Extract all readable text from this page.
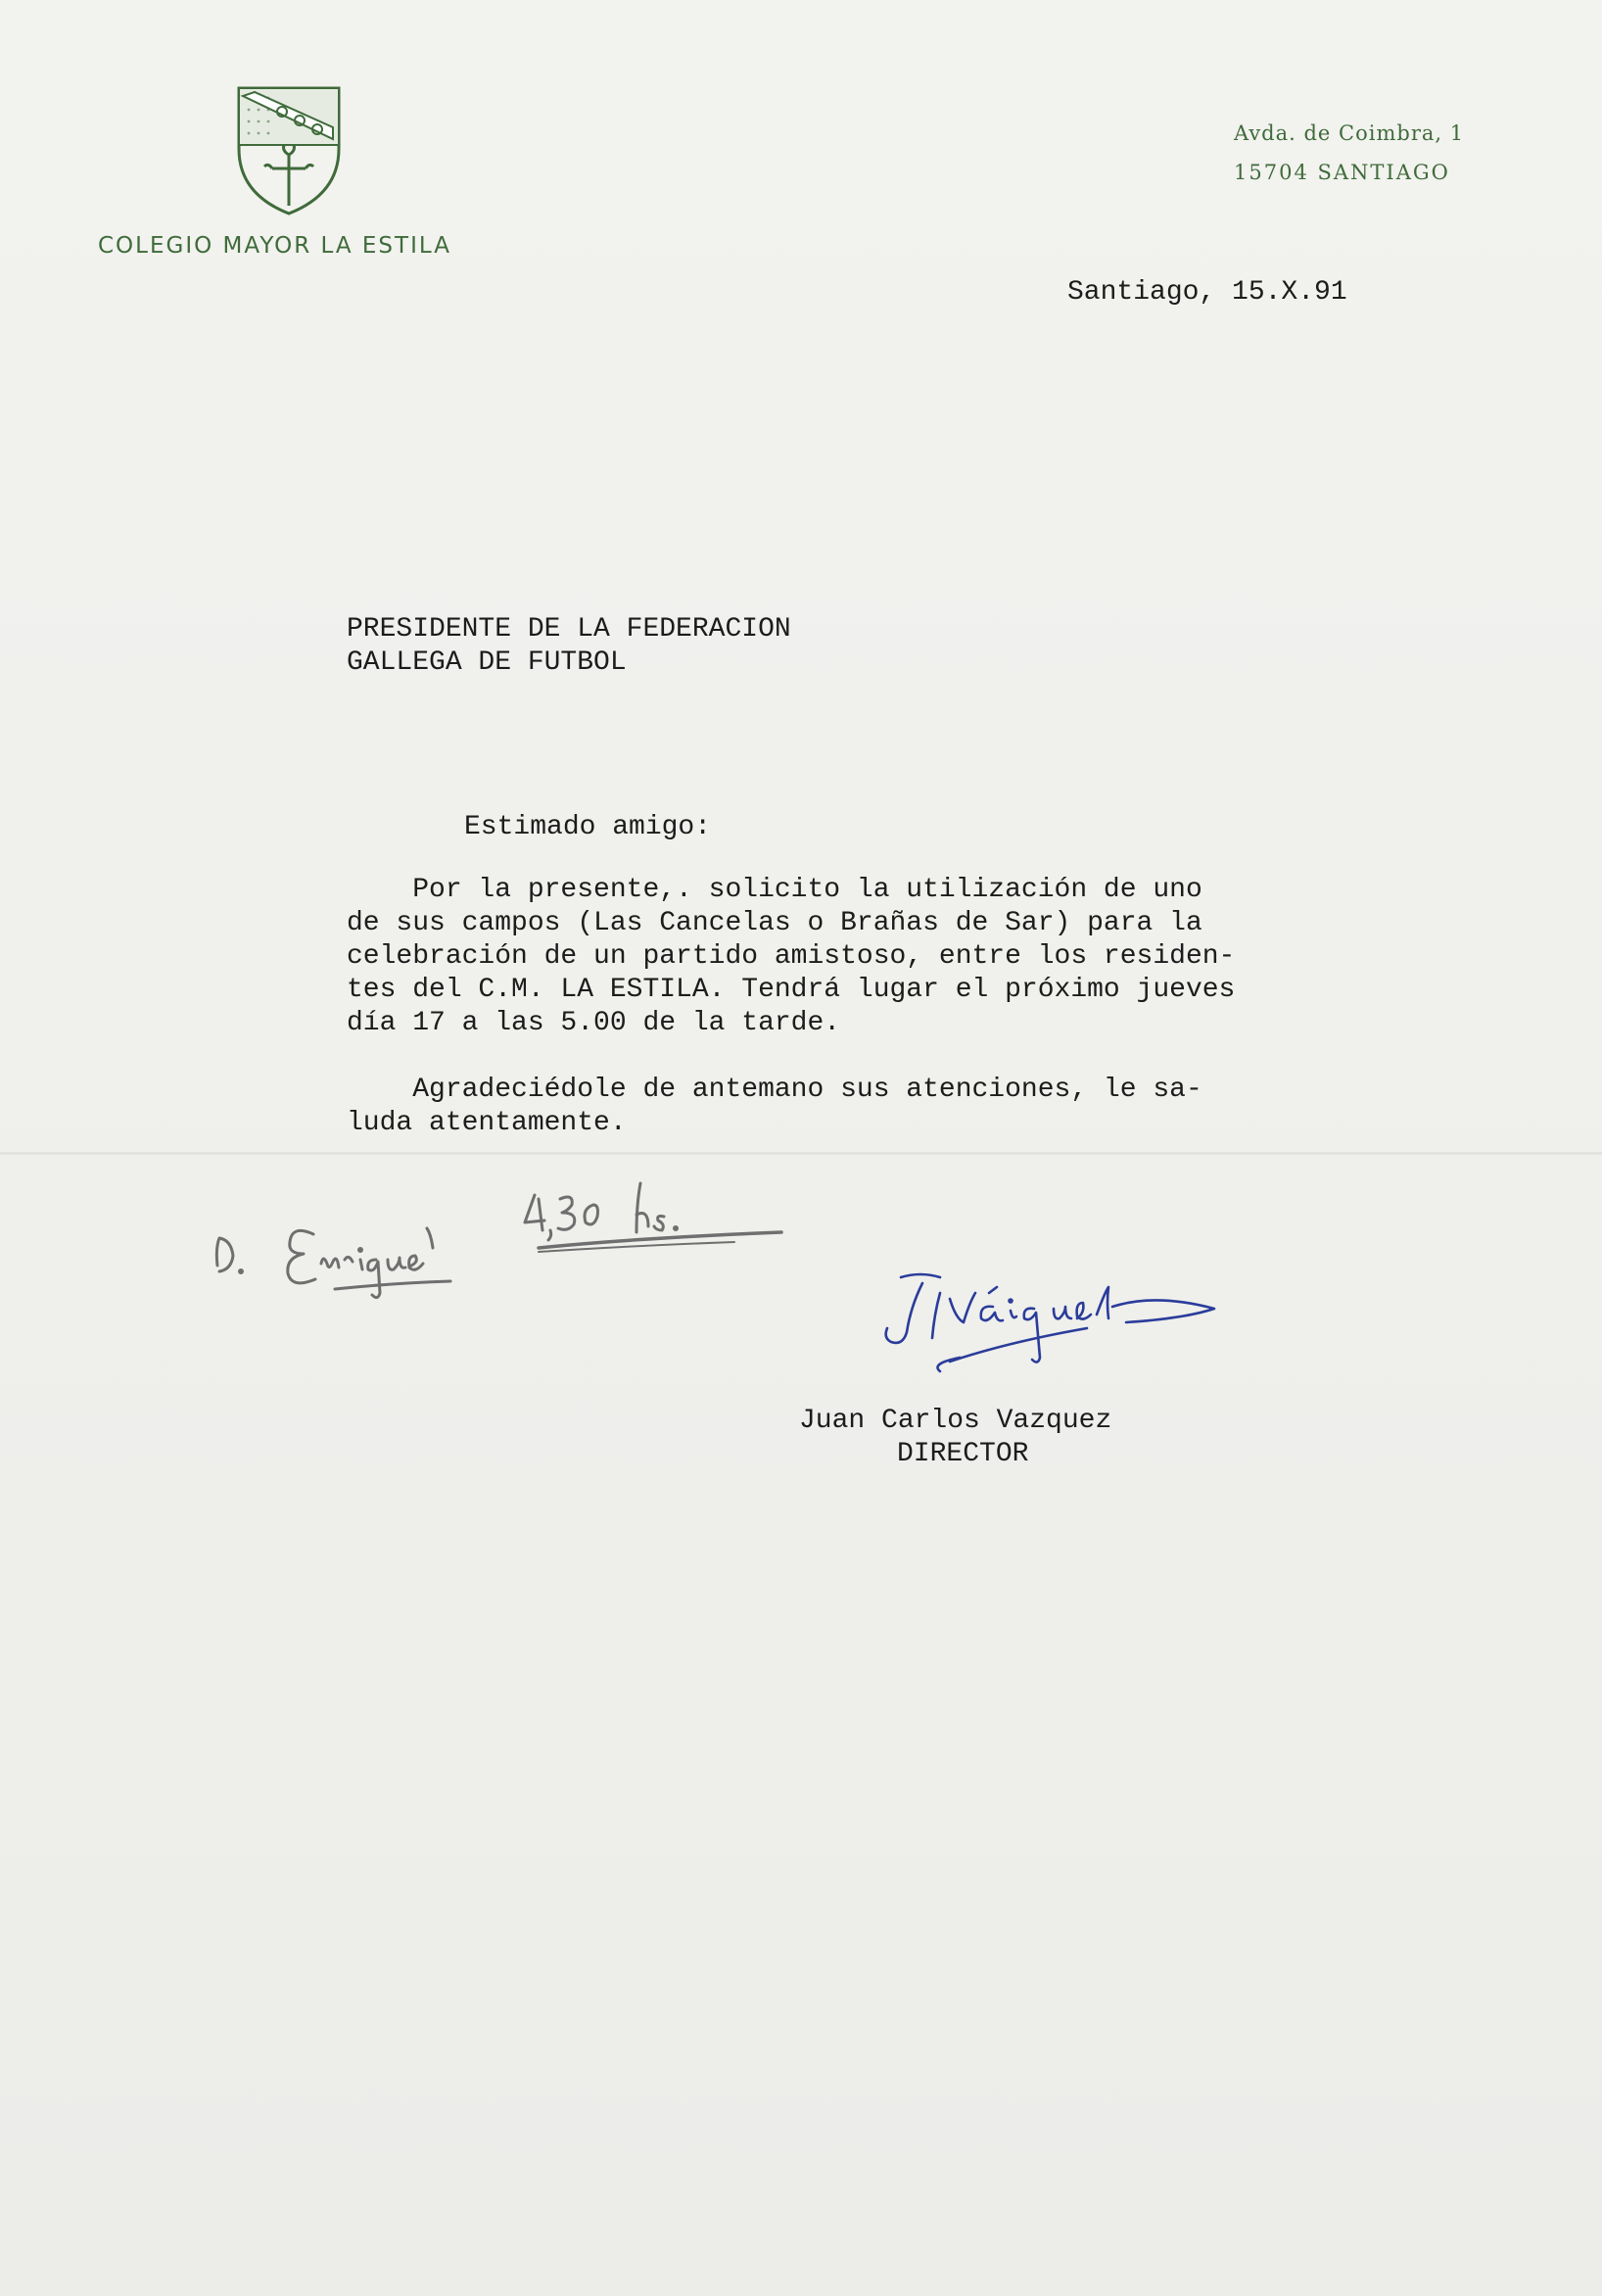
COLEGIO MAYOR LA ESTILA
Avda. de Coimbra, 1
15704 SANTIAGO
Santiago, 15.X.91
PRESIDENTE DE LA FEDERACION
GALLEGA DE FUTBOL
Estimado amigo:
Por la presente,. solicito la utilización de uno
de sus campos (Las Cancelas o Brañas de Sar) para la
celebración de un partido amistoso, entre los residen-
tes del C.M. LA ESTILA. Tendrá lugar el próximo jueves
día 17 a las 5.00 de la tarde.
Agradeciédole de antemano sus atenciones, le sa-
luda atentamente.
Juan Carlos Vazquez
DIRECTOR
